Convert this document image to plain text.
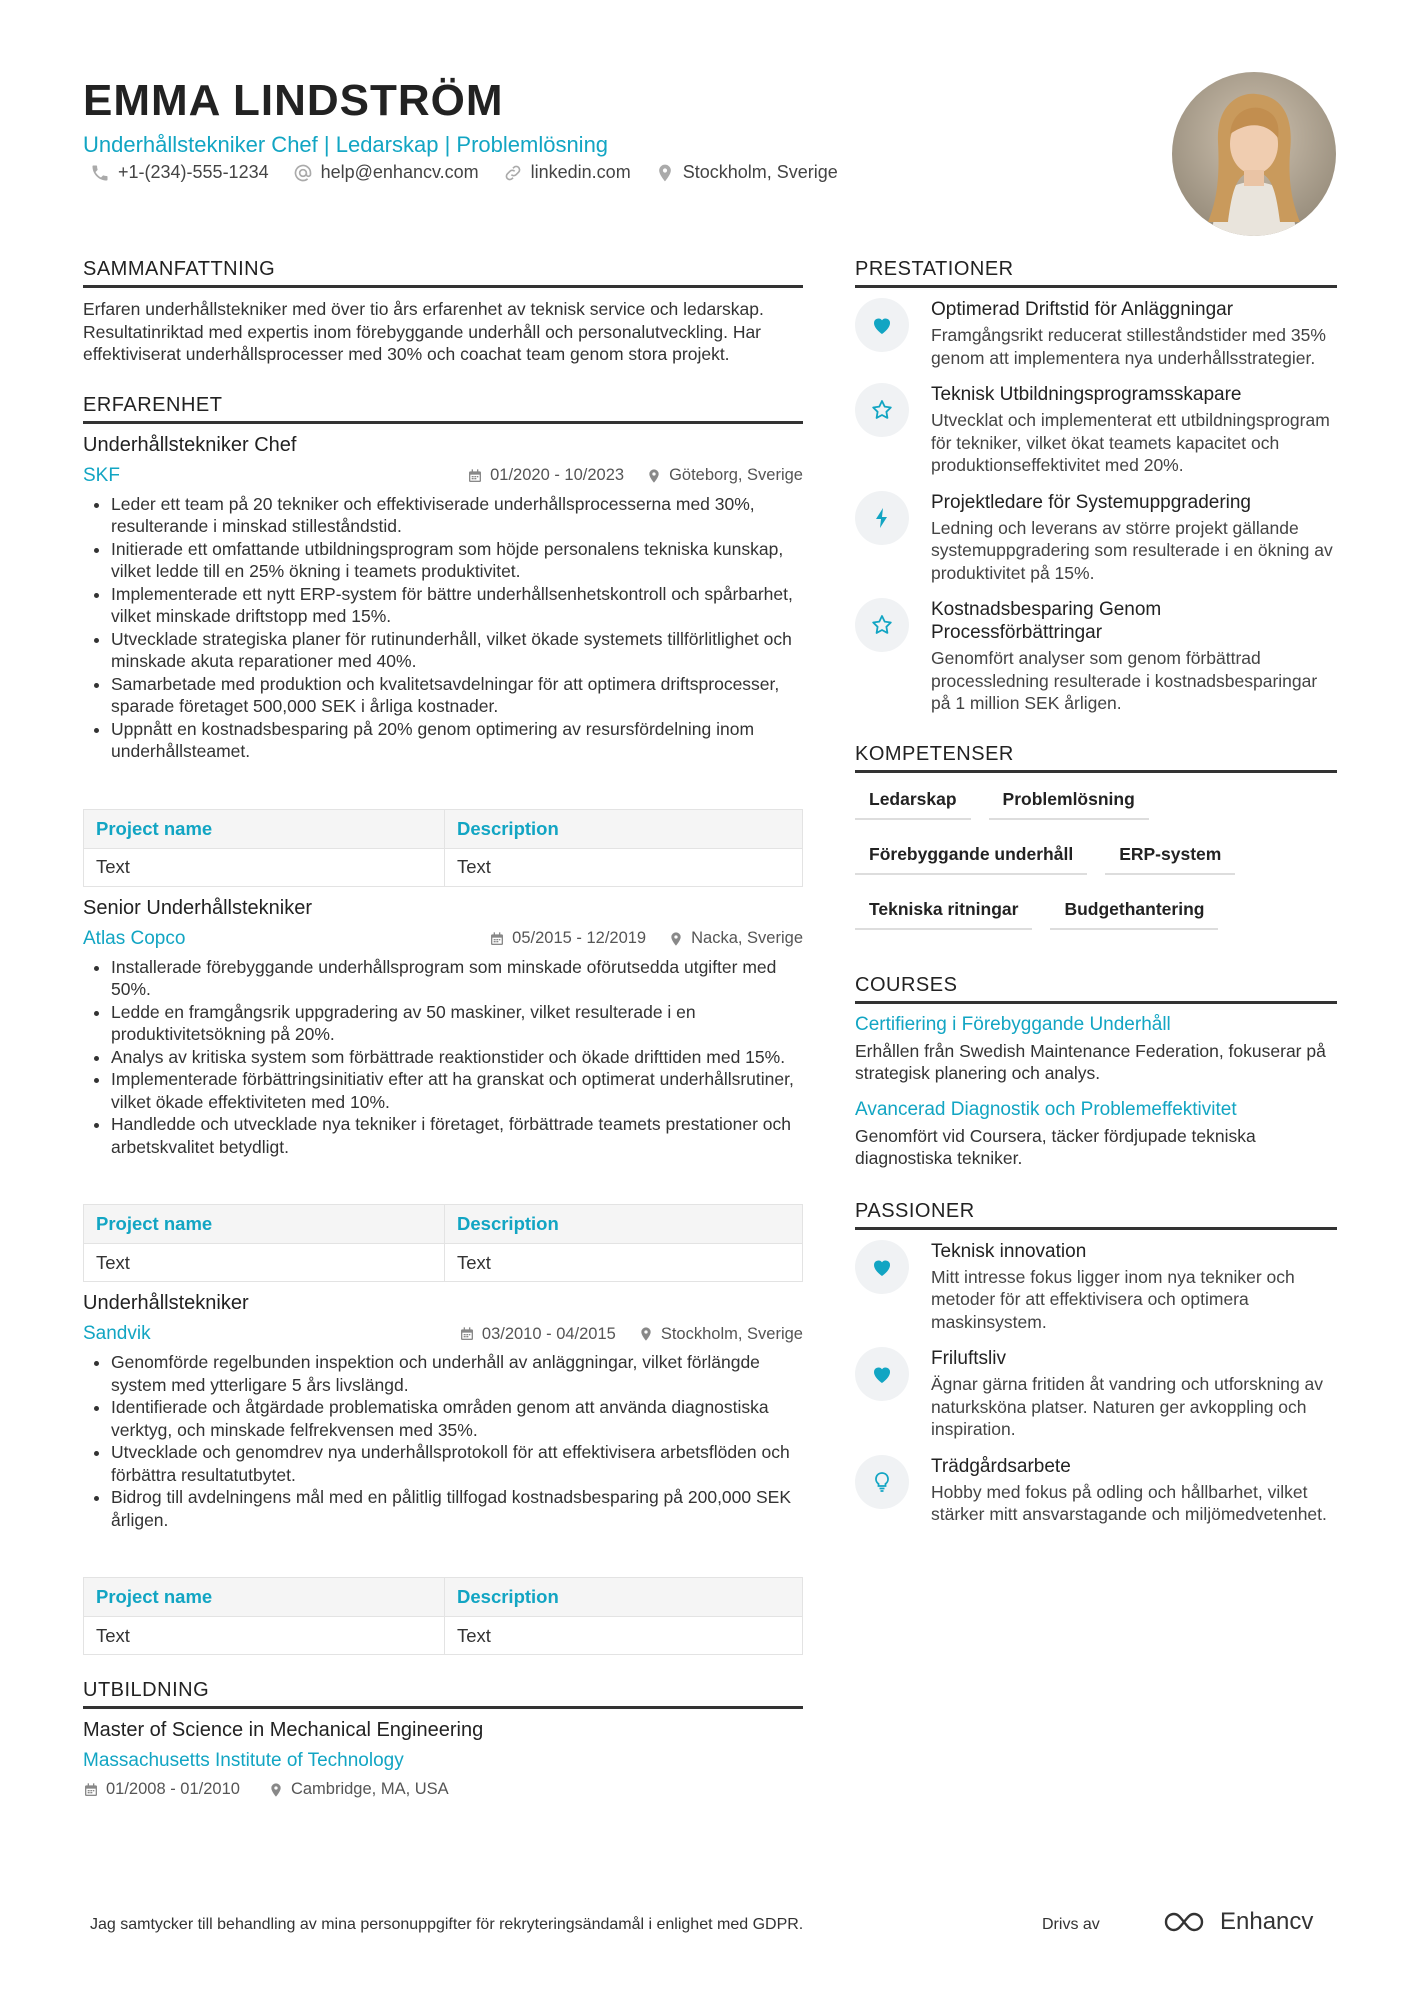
EMMA LINDSTRÖM
Underhållstekniker Chef | Ledarskap | Problemlösning
+1-(234)-555-1234	help@enhancv.com	linkedin.com	Stockholm, Sverige
SAMMANFATTNING
Erfaren underhållstekniker med över tio års erfarenhet av teknisk service och ledarskap. Resultatinriktad med expertis inom förebyggande underhåll och personalutveckling. Har effektiviserat underhållsprocesser med 30% och coachat team genom stora projekt.
ERFARENHET
Underhållstekniker Chef
SKF	01/2020 - 10/2023	Göteborg, Sverige
• Leder ett team på 20 tekniker och effektiviserade underhållsprocesserna med 30%, resulterande i minskad stilleståndstid.
• Initierade ett omfattande utbildningsprogram som höjde personalens tekniska kunskap, vilket ledde till en 25% ökning i teamets produktivitet.
• Implementerade ett nytt ERP-system för bättre underhållsenhetskontroll och spårbarhet, vilket minskade driftstopp med 15%.
• Utvecklade strategiska planer för rutinunderhåll, vilket ökade systemets tillförlitlighet och minskade akuta reparationer med 40%.
• Samarbetade med produktion och kvalitetsavdelningar för att optimera driftsprocesser, sparade företaget 500,000 SEK i årliga kostnader.
• Uppnått en kostnadsbesparing på 20% genom optimering av resursfördelning inom underhållsteamet.
Project name	Description
Text	Text
Senior Underhållstekniker
Atlas Copco	05/2015 - 12/2019	Nacka, Sverige
• Installerade förebyggande underhållsprogram som minskade oförutsedda utgifter med 50%.
• Ledde en framgångsrik uppgradering av 50 maskiner, vilket resulterade i en produktivitetsökning på 20%.
• Analys av kritiska system som förbättrade reaktionstider och ökade drifttiden med 15%.
• Implementerade förbättringsinitiativ efter att ha granskat och optimerat underhållsrutiner, vilket ökade effektiviteten med 10%.
• Handledde och utvecklade nya tekniker i företaget, förbättrade teamets prestationer och arbetskvalitet betydligt.
Project name	Description
Text	Text
Underhållstekniker
Sandvik	03/2010 - 04/2015	Stockholm, Sverige
• Genomförde regelbunden inspektion och underhåll av anläggningar, vilket förlängde system med ytterligare 5 års livslängd.
• Identifierade och åtgärdade problematiska områden genom att använda diagnostiska verktyg, och minskade felfrekvensen med 35%.
• Utvecklade och genomdrev nya underhållsprotokoll för att effektivisera arbetsflöden och förbättra resultatutbytet.
• Bidrog till avdelningens mål med en pålitlig tillfogad kostnadsbesparing på 200,000 SEK årligen.
Project name	Description
Text	Text
UTBILDNING
Master of Science in Mechanical Engineering
Massachusetts Institute of Technology
01/2008 - 01/2010	Cambridge, MA, USA
PRESTATIONER
Optimerad Driftstid för Anläggningar
Framgångsrikt reducerat stilleståndstider med 35% genom att implementera nya underhållsstrategier.
Teknisk Utbildningsprogramsskapare
Utvecklat och implementerat ett utbildningsprogram för tekniker, vilket ökat teamets kapacitet och produktionseffektivitet med 20%.
Projektledare för Systemuppgradering
Ledning och leverans av större projekt gällande systemuppgradering som resulterade i en ökning av produktivitet på 15%.
Kostnadsbesparing Genom Processförbättringar
Genomfört analyser som genom förbättrad processledning resulterade i kostnadsbesparingar på 1 million SEK årligen.
KOMPETENSER
Ledarskap	Problemlösning
Förebyggande underhåll	ERP-system
Tekniska ritningar	Budgethantering
COURSES
Certifiering i Förebyggande Underhåll
Erhållen från Swedish Maintenance Federation, fokuserar på strategisk planering och analys.
Avancerad Diagnostik och Problemeffektivitet
Genomfört vid Coursera, täcker fördjupade tekniska diagnostiska tekniker.
PASSIONER
Teknisk innovation
Mitt intresse fokus ligger inom nya tekniker och metoder för att effektivisera och optimera maskinsystem.
Friluftsliv
Ägnar gärna fritiden åt vandring och utforskning av naturksköna platser. Naturen ger avkoppling och inspiration.
Trädgårdsarbete
Hobby med fokus på odling och hållbarhet, vilket stärker mitt ansvarstagande och miljömedvetenhet.
Jag samtycker till behandling av mina personuppgifter för rekryteringsändamål i enlighet med GDPR.	Drivs av	Enhancv
